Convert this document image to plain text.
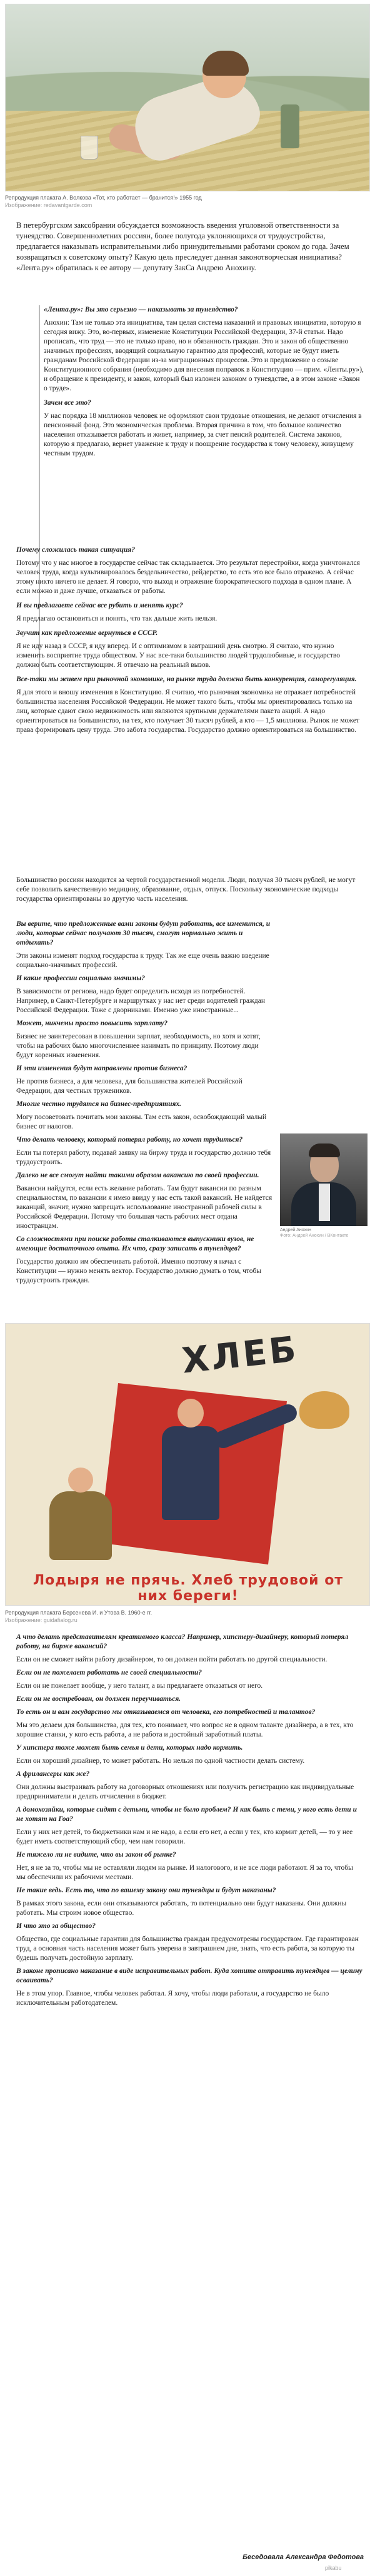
Репродукция плаката А. Волкова «Тот, кто работает — бранится!» 1955 год
Изображение: redavantgarde.com

В петербургском заксобрании обсуждается возможность введения уголовной ответственности за тунеядство. Совершеннолетних россиян, более полугода уклоняющихся от трудоустройства, предлагается наказывать исправительными либо принудительными работами сроком до года. Зачем возвращаться к советскому опыту? Какую цель преследует данная законотворческая инициатива? «Лента.ру» обратилась к ее автору — депутату ЗакСа Андрею Анохину.

«Лента.ру»: Вы это серьезно — наказывать за тунеядство?

Анохин: Там не только эта инициатива, там целая система наказаний и правовых инициатив, которую я сегодня вижу. Это, во-первых, изменение Конституции Российской Федерации, 37-й статьи. Надо прописать, что труд — это не только право, но и обязанность граждан. Это и закон об общественно значимых профессиях, вводящий социальную гарантию для профессий, которые не будут иметь гражданам Российской Федерации из-за миграционных процессов. Это и предложение о созыве Конституционного собрания (необходимо для внесения поправок в Конституцию — прим. «Ленты.ру»), и обращение к президенту, и закон, который был изложен законом о тунеядстве, а в этом законе «Закон о труде».

Зачем все это?

У нас порядка 18 миллионов человек не оформляют свои трудовые отношения, не делают отчисления в пенсионный фонд. Это экономическая проблема. Вторая причина в том, что большое количество населения отказывается работать и живет, например, за счет пенсий родителей. Система законов, которую я предлагаю, вернет уважение к труду и поощрение государства к тому человеку, живущему честным трудом.

Почему сложилась такая ситуация?

Потому что у нас многое в государстве сейчас так складывается. Это результат перестройки, когда уничтожался человек труда, когда культивировалось бездельничество, рейдерство, то есть это все было отражено. А сейчас этому никто ничего не делает. Я говорю, что выход и отражение бюрократического подхода в одном плане. А если можно и даже лучше, отказаться от работы.

И вы предлагаете сейчас все рубить и менять курс?

Я предлагаю остановиться и понять, что так дальше жить нельзя.

Звучит как предложение вернуться в СССР.

Я не иду назад в СССР, я иду вперед. И с оптимизмом в завтрашний день смотрю. Я считаю, что нужно изменить восприятие труда обществом. У нас все-таки большинство людей трудолюбивые, и государство должно быть соответствующим. Я отвечаю на реальный вызов.

Все-таки мы живем при рыночной экономике, на рынке труда должна быть конкуренция, саморегуляция.

Я для этого и вношу изменения в Конституцию. Я считаю, что рыночная экономика не отражает потребностей большинства населения Российской Федерации. Не может такого быть, чтобы мы ориентировались только на лиц, которые сдают свою недвижимость или являются крупными держателями пакета акций. А надо ориентироваться на большинство, на тех, кто получает 30 тысяч рублей, а кто — 1,5 миллиона. Рынок не может права формировать цену труда. Это забота государства. Государство должно ориентироваться на большинство.

Большинство россиян находится за чертой государственной модели. Люди, получая 30 тысяч рублей, не могут себе позволить качественную медицину, образование, отдых, отпуск. Поскольку экономические подходы государства ориентированы во другую часть населения.

Вы верите, что предложенные вами законы будут работать, все изменится, и люди, которые сейчас получают 30 тысяч, смогут нормально жить и отдыхать?

Эти законы изменят подход государства к труду. Так же еще очень важно введение социально-значимых профессий.

И какие профессии социально значимы?

В зависимости от региона, надо будет определить исходя из потребностей. Например, в Санкт-Петербурге и маршрутках у нас нет среди водителей граждан Российской Федерации. Тоже с дворниками. Именно уже иностранные...

Может, никчемы просто повысить зарплату?

Бизнес не заинтересован в повышении зарплат, необходимость, но хотя и хотят, чтобы на рабочих было многочисленнее нанимать по принципу. Поэтому люди будут коренных изменения.

И эти изменения будут направлены против бизнеса?

Не против бизнеса, а для человека, для большинства жителей Российской Федерации, для честных тружеников.

Многие честно трудятся на бизнес-предприятиях.

Могу посоветовать почитать мои законы. Там есть закон, освобождающий малый бизнес от налогов.

Что делать человеку, который потерял работу, но хочет трудиться?

Если ты потерял работу, подавай заявку на биржу труда и государство должно тебя трудоустроить.

Далеко не все смогут найти такими образом вакансию по своей профессии.

Вакансии найдутся, если есть желание работать. Там будут вакансии по разным специальностям, по вакансии я имею ввиду у нас есть такой вакансий. Не найдется ваканций, значит, нужно запрещать использование иностранной рабочей силы в Российской Федерации. Потому что большая часть рабочих мест отдана иностранцам.

Со сложностями при поиске работы сталкиваются выпускники вузов, не имеющие достаточного опыта. Их что, сразу записать в тунеядцев?

Государство должно им обеспечивать работой. Именно поэтому я начал с Конституции — нужно менять вектор. Государство должно думать о том, чтобы трудоустроить граждан.

Андрей Анохин
Фото: Андрей Анохин / ВКонтакте
ХЛЕБ
Лодыря не прячь. Хлеб трудовой от них береги!
Репродукция плаката Берсенева И. и Утова В. 1960-е гг.
Изображение: guidafialog.ru

А что делать представителям креативного класса? Например, хипстеру-дизайнеру, который потерял работу, на бирже вакансий?

Если он не сможет найти работу дизайнером, то он должен пойти работать по другой специальности.

Если он не пожелает работать не своей специальности?

Если он не пожелает вообще, у него талант, а вы предлагаете отказаться от него.

Если он не востребован, он должен переучиваться.

То есть он и вам государство мы отказываемся от человека, его потребностей и талантов?

Мы это делаем для большинства, для тех, кто понимает, что вопрос не в одном таланте дизайнера, а в тех, кто хорошие станки, у кого есть работа, а не работа и достойный заработный платы.

У хипстера тоже может быть семья и дети, которых надо кормить.

Если он хороший дизайнер, то может работать. Но нельзя по одной частности делать систему.

А фрилансеры как же?

Они должны выстраивать работу на договорных отношениях или получить регистрацию как индивидуальные предприниматели и делать отчисления в бюджет.

А домохозяйки, которые сидят с детьми, чтобы не было проблем? И как быть с теми, у кого есть дети и не хотят на Гоа?

Если у них нет детей, то бюджетники нам и не надо, а если его нет, а если у тех, кто кормит детей, — то у нее будет иметь соответствующий сбор, чем нам говорили.

Не тяжело ли не видите, что вы закон об рынке?

Нет, я не за то, чтобы мы не оставляли людям на рынке. И налогового, и не все люди работают. Я за то, чтобы мы обеспечили их рабочими местами.

Не такие ведь. Есть то, что по вашему закону они тунеядцы и будут наказаны?

В рамках этого закона, если они отказываются работать, то потенциально они будут наказаны. Они должны работать. Мы строим новое общество.

И что это за общество?

Общество, где социальные гарантии для большинства граждан предусмотрены государством. Где гарантирован труд, а основная часть населения может быть уверена в завтрашнем дне, знать, что есть работа, за которую ты будешь получать достойную зарплату.

В законе прописано наказание в виде исправительных работ. Куда хотите отправить тунеядцев — целину осваивать?

Не в этом упор. Главное, чтобы человек работал. Я хочу, чтобы люди работали, а государство не было исключительным работодателем.

Беседовала Александра Федотова
pikabu
